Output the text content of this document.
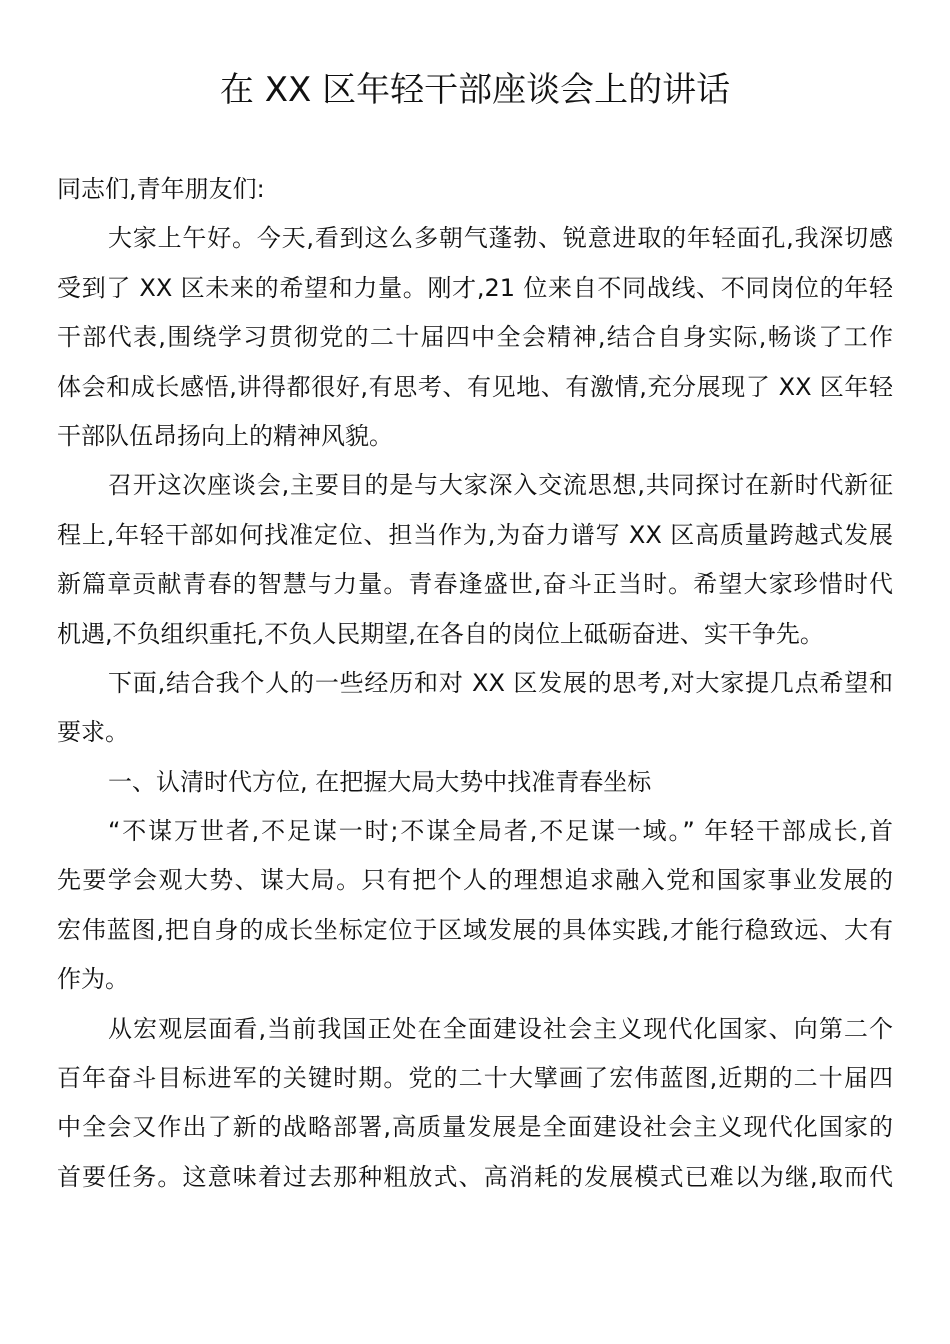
在 XX 区年轻干部座谈会上的讲话
同志们,青年朋友们:
大家上午好。今天,看到这么多朝气蓬勃、锐意进取的年轻面孔,我深切感
受到了 XX 区未来的希望和力量。刚才,21 位来自不同战线、不同岗位的年轻
干部代表,围绕学习贯彻党的二十届四中全会精神,结合自身实际,畅谈了工作
体会和成长感悟,讲得都很好,有思考、有见地、有激情,充分展现了 XX 区年轻
干部队伍昂扬向上的精神风貌。
召开这次座谈会,主要目的是与大家深入交流思想,共同探讨在新时代新征
程上,年轻干部如何找准定位、担当作为,为奋力谱写 XX 区高质量跨越式发展
新篇章贡献青春的智慧与力量。青春逢盛世,奋斗正当时。希望大家珍惜时代
机遇,不负组织重托,不负人民期望,在各自的岗位上砥砺奋进、实干争先。
下面,结合我个人的一些经历和对 XX 区发展的思考,对大家提几点希望和
要求。
一、认清时代方位, 在把握大局大势中找准青春坐标
“不谋万世者,不足谋一时;不谋全局者,不足谋一域。” 年轻干部成长,首
先要学会观大势、谋大局。只有把个人的理想追求融入党和国家事业发展的
宏伟蓝图,把自身的成长坐标定位于区域发展的具体实践,才能行稳致远、大有
作为。
从宏观层面看,当前我国正处在全面建设社会主义现代化国家、向第二个
百年奋斗目标进军的关键时期。党的二十大擘画了宏伟蓝图,近期的二十届四
中全会又作出了新的战略部署,高质量发展是全面建设社会主义现代化国家的
首要任务。这意味着过去那种粗放式、高消耗的发展模式已难以为继,取而代
